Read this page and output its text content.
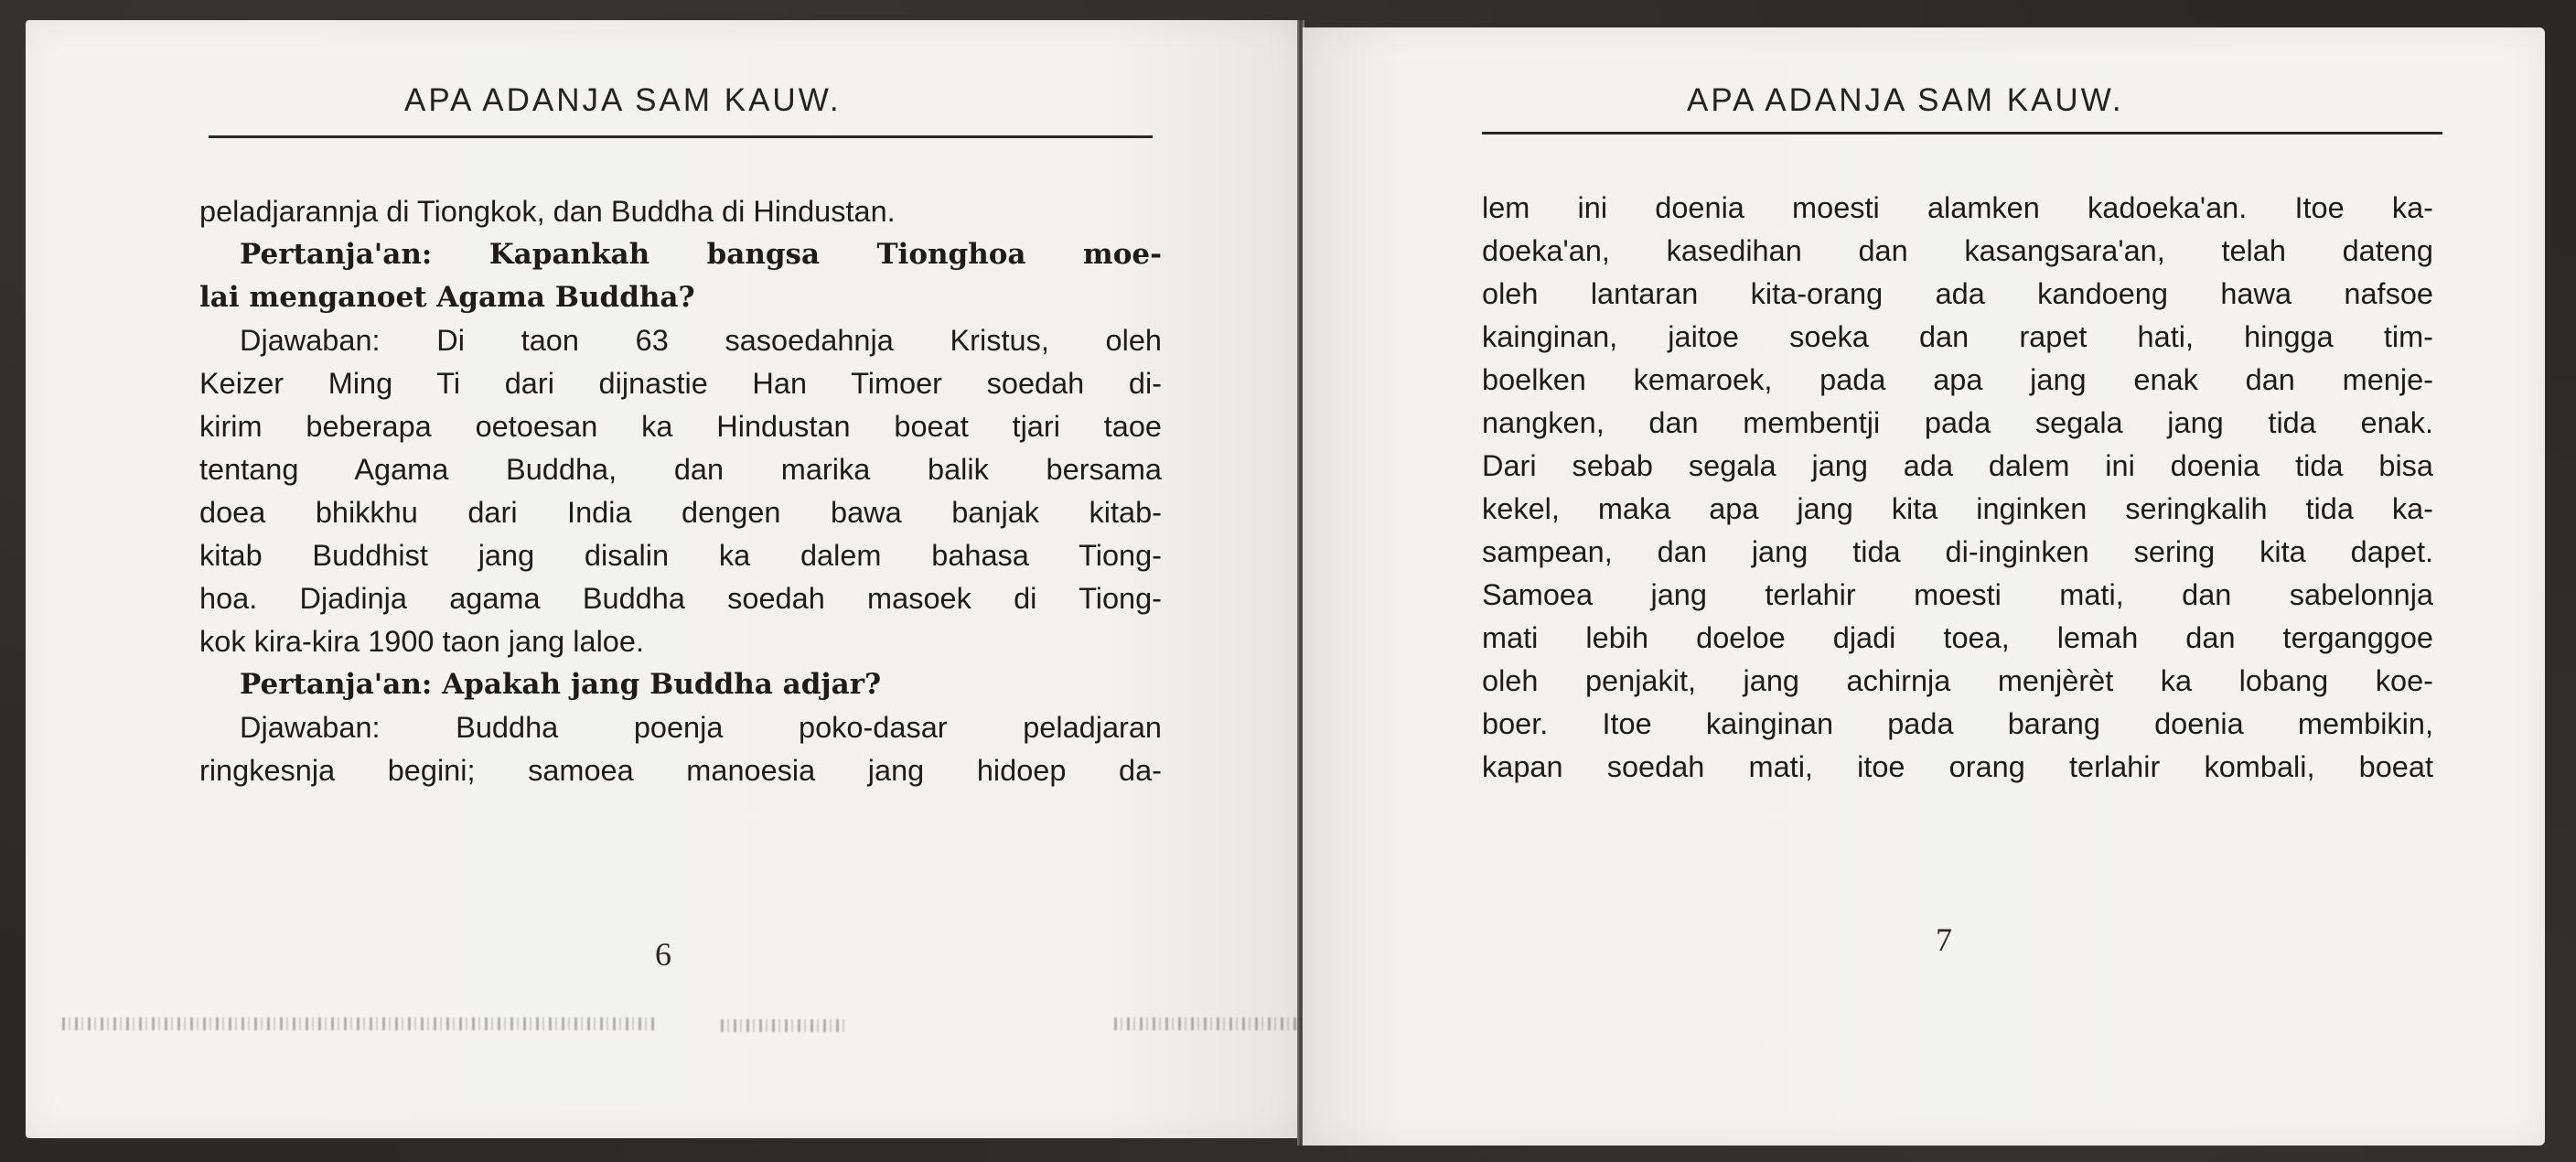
APA ADANJA SAM KAUW.
peladjarannja di Tiongkok, dan Buddha di Hindustan.
Pertanja'an: Kapankah bangsa Tionghoa moe-
lai menganoet Agama Buddha?
Djawaban: Di taon 63 sasoedahnja Kristus, oleh
Keizer Ming Ti dari dijnastie Han Timoer soedah di-
kirim beberapa oetoesan ka Hindustan boeat tjari taoe
tentang Agama Buddha, dan marika balik bersama
doea bhikkhu dari India dengen bawa banjak kitab-
kitab Buddhist jang disalin ka dalem bahasa Tiong-
hoa. Djadinja agama Buddha soedah masoek di Tiong-
kok kira-kira 1900 taon jang laloe.
Pertanja'an: Apakah jang Buddha adjar?
Djawaban: Buddha poenja poko-dasar peladjaran
ringkesnja begini; samoea manoesia jang hidoep da-
6
APA ADANJA SAM KAUW.
lem ini doenia moesti alamken kadoeka'an. Itoe ka-
doeka'an, kasedihan dan kasangsara'an, telah dateng
oleh lantaran kita-orang ada kandoeng hawa nafsoe
kainginan, jaitoe soeka dan rapet hati, hingga tim-
boelken kemaroek, pada apa jang enak dan menje-
nangken, dan membentji pada segala jang tida enak.
Dari sebab segala jang ada dalem ini doenia tida bisa
kekel, maka apa jang kita inginken seringkalih tida ka-
sampean, dan jang tida di-inginken sering kita dapet.
Samoea jang terlahir moesti mati, dan sabelonnja
mati lebih doeloe djadi toea, lemah dan terganggoe
oleh penjakit, jang achirnja menjèrèt ka lobang koe-
boer. Itoe kainginan pada barang doenia membikin,
kapan soedah mati, itoe orang terlahir kombali, boeat
7
